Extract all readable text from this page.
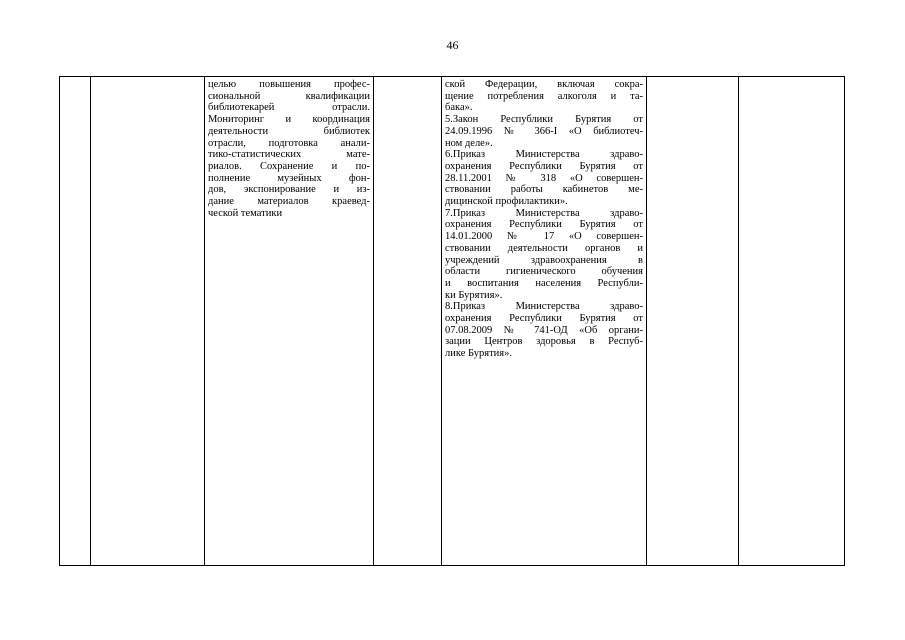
46

целью повышения профес-
сиональной квалификации
библиотекарей отрасли.
Мониторинг и координация
деятельности библиотек
отрасли, подготовка анали-
тико-статистических мате-
риалов. Сохранение и по-
полнение музейных фон-
дов, экспонирование и из-
дание материалов краевед-
ческой тематики

ской Федерации, включая сокра-
щение потребления алкоголя и та-
бака».
5.Закон Республики Бурятия от
24.09.1996 № 366-I «О библиотеч-
ном деле».
6.Приказ Министерства здраво-
охранения Республики Бурятия от
28.11.2001 № 318 «О совершен-
ствовании работы кабинетов ме-
дицинской профилактики».
7.Приказ Министерства здраво-
охранения Республики Бурятия от
14.01.2000 № 17 «О совершен-
ствовании деятельности органов и
учреждений здравоохранения в
области гигиенического обучения
и воспитания населения Республи-
ки Бурятия».
8.Приказ Министерства здраво-
охранения Республики Бурятия от
07.08.2009 № 741-ОД «Об органи-
зации Центров здоровья в Респуб-
лике Бурятия».
